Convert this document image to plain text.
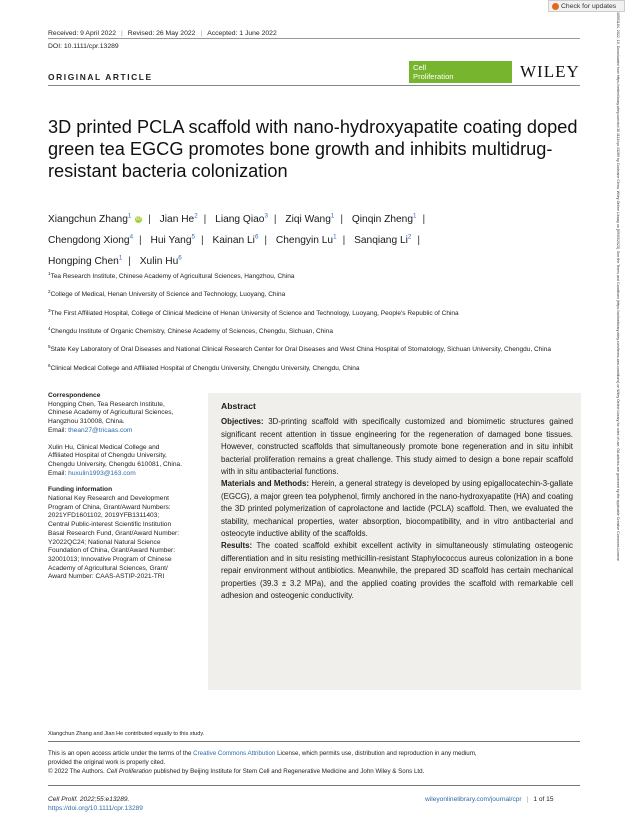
Check for updates
16591184, 2022, 10, Downloaded from https://onlinelibrary.wiley.com/doi/10.1111/cpr.13289 by Cochrane China, Wiley Online Library on [09/03/2023]. See the Terms and Conditions (https://onlinelibrary.wiley.com/terms-and-conditions) on Wiley Online Library for rules of use; OA articles are governed by the applicable Creative Commons License
Received: 9 April 2022 | Revised: 26 May 2022 | Accepted: 1 June 2022
DOI: 10.1111/cpr.13289
ORIGINAL ARTICLE
Cell
Proliferation	WILEY
3D printed PCLA scaffold with nano-hydroxyapatite coating doped green tea EGCG promotes bone growth and inhibits multidrug-resistant bacteria colonization
Xiangchun Zhang$^1$ iD | Jian He$^2$ | Liang Qiao$^3$ | Ziqi Wang$^1$ | Qinqin Zheng$^1$ |
Chengdong Xiong$^4$ | Hui Yang$^5$ | Kainan Li$^6$ | Chengyin Lu$^1$ | Sanqiang Li$^2$ |
Hongping Chen$^1$ | Xulin Hu$^6$
$^1$Tea Research Institute, Chinese Academy of Agricultural Sciences, Hangzhou, China
$^2$College of Medical, Henan University of Science and Technology, Luoyang, China
$^3$The First Affiliated Hospital, College of Clinical Medicine of Henan University of Science and Technology, Luoyang, People's Republic of China
$^4$Chengdu Institute of Organic Chemistry, Chinese Academy of Sciences, Chengdu, Sichuan, China
$^5$State Key Laboratory of Oral Diseases and National Clinical Research Center for Oral Diseases and West China Hospital of Stomatology, Sichuan University, Chengdu, China
$^6$Clinical Medical College and Affiliated Hospital of Chengdu University, Chengdu University, Chengdu, China
Correspondence
Hongping Chen, Tea Research Institute,
Chinese Academy of Agricultural Sciences,
Hangzhou 310008, China.
Email: thean27@tricaas.com
Xulin Hu, Clinical Medical College and
Affiliated Hospital of Chengdu University,
Chengdu University, Chengdu 610081, China.
Email: huxulin1993@163.com
Funding information
National Key Research and Development
Program of China, Grant/Award Numbers:
2021YFD1601102, 2019YFB1311403;
Central Public-interest Scientific Institution
Basal Research Fund, Grant/Award Number:
Y2022QC24; National Natural Science
Foundation of China, Grant/Award Number:
32001013; Innovative Program of Chinese
Academy of Agricultural Sciences, Grant/
Award Number: CAAS-ASTIP-2021-TRI
Abstract

Objectives: 3D-printing scaffold with specifically customized and biomimetic structures gained significant recent attention in tissue engineering for the regeneration of damaged bone tissues. However, constructed scaffolds that simultaneously promote bone regeneration and in situ inhibit bacterial proliferation remains a great challenge. This study aimed to design a bone repair scaffold with in situ antibacterial functions.

Materials and Methods: Herein, a general strategy is developed by using epigallocatechin-3-gallate (EGCG), a major green tea polyphenol, firmly anchored in the nano-hydroxyapatite (HA) and coating the 3D printed polymerization of caprolactone and lactide (PCLA) scaffold. Then, we evaluated the stability, mechanical properties, water absorption, biocompatibility, and in vitro antibacterial and osteocyte inductive ability of the scaffolds.

Results: The coated scaffold exhibit excellent activity in simultaneously stimulating osteogenic differentiation and in situ resisting methicillin-resistant Staphylococcus aureus colonization in a bone repair environment without antibiotics. Meanwhile, the prepared 3D scaffold has certain mechanical properties (39.3 ± 3.2 MPa), and the applied coating provides the scaffold with remarkable cell adhesion and osteogenic conductivity.

Xiangchun Zhang and Jian He contributed equally to this study.
This is an open access article under the terms of the Creative Commons Attribution License, which permits use, distribution and reproduction in any medium,
provided the original work is properly cited.
© 2022 The Authors. Cell Proliferation published by Beijing Institute for Stem Cell and Regenerative Medicine and John Wiley & Sons Ltd.
Cell Prolif. 2022;55:e13289.
https://doi.org/10.1111/cpr.13289
wileyonlinelibrary.com/journal/cpr | 1 of 15
